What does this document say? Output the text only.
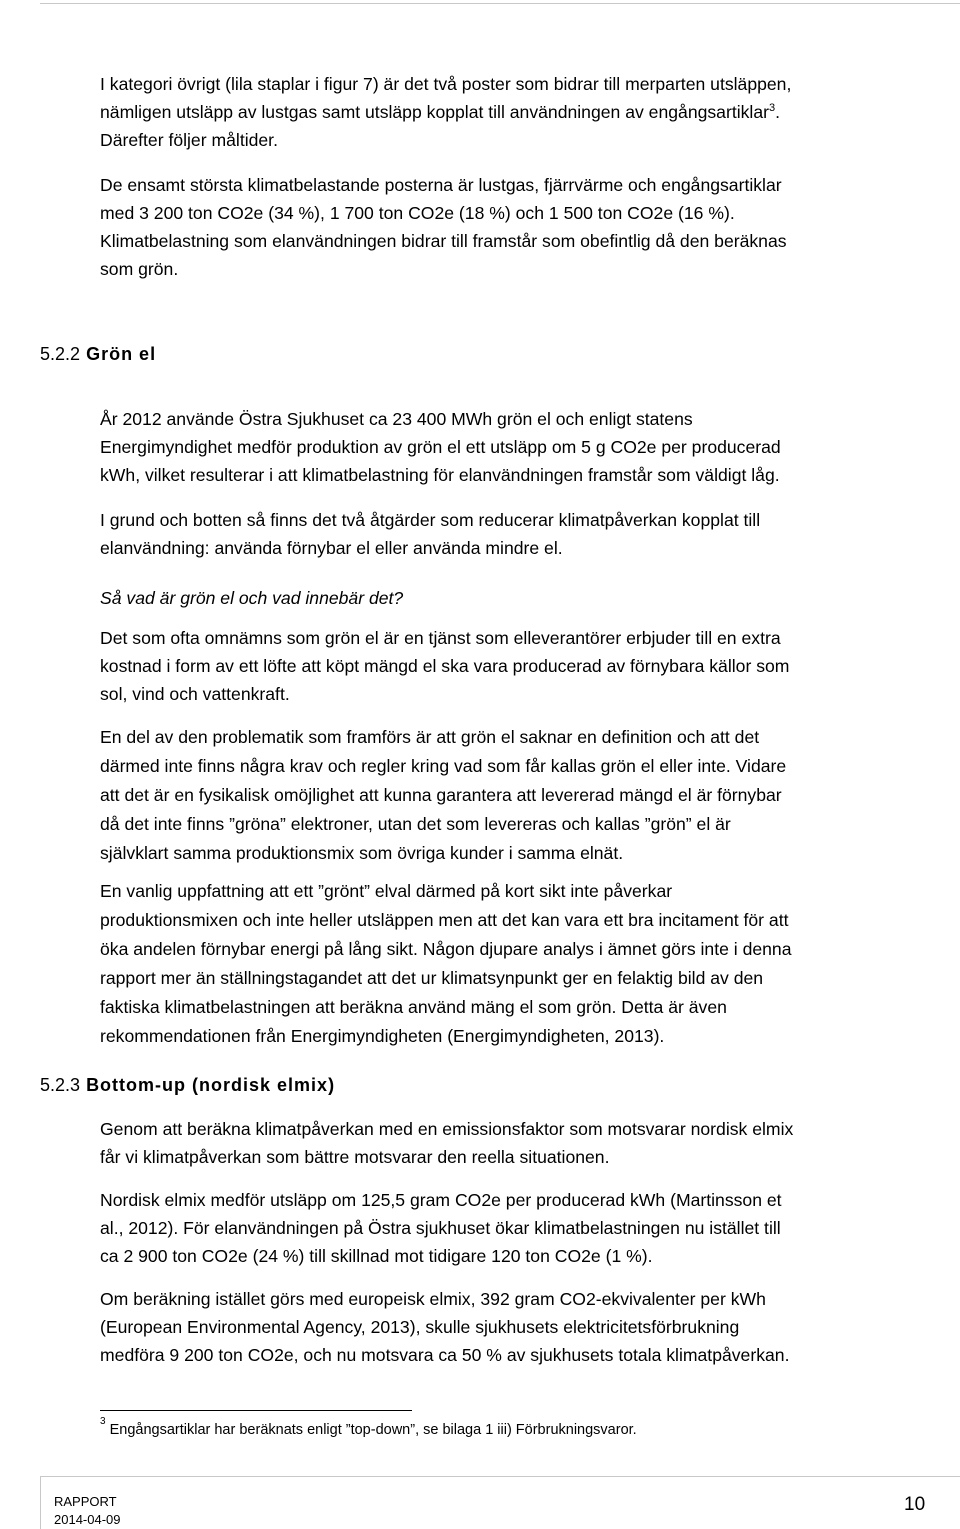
I kategori övrigt (lila staplar i figur 7) är det två poster som bidrar till merparten utsläppen,
nämligen utsläpp av lustgas samt utsläpp kopplat till användningen av engångsartiklar$^3$.
Därefter följer måltider.

De ensamt största klimatbelastande posterna är lustgas, fjärrvärme och engångsartiklar
med 3 200 ton CO2e (34 %), 1 700 ton CO2e (18 %) och 1 500 ton CO2e (16 %).
Klimatbelastning som elanvändningen bidrar till framstår som obefintlig då den beräknas
som grön.

5.2.2 Grön el

År 2012 använde Östra Sjukhuset ca 23 400 MWh grön el och enligt statens
Energimyndighet medför produktion av grön el ett utsläpp om 5 g CO2e per producerad
kWh, vilket resulterar i att klimatbelastning för elanvändningen framstår som väldigt låg.

I grund och botten så finns det två åtgärder som reducerar klimatpåverkan kopplat till
elanvändning: använda förnybar el eller använda mindre el.

Så vad är grön el och vad innebär det?

Det som ofta omnämns som grön el är en tjänst som elleverantörer erbjuder till en extra
kostnad i form av ett löfte att köpt mängd el ska vara producerad av förnybara källor som
sol, vind och vattenkraft.

En del av den problematik som framförs är att grön el saknar en definition och att det
därmed inte finns några krav och regler kring vad som får kallas grön el eller inte. Vidare
att det är en fysikalisk omöjlighet att kunna garantera att levererad mängd el är förnybar
då det inte finns ”gröna” elektroner, utan det som levereras och kallas ”grön” el är
självklart samma produktionsmix som övriga kunder i samma elnät.

En vanlig uppfattning att ett ”grönt” elval därmed på kort sikt inte påverkar
produktionsmixen och inte heller utsläppen men att det kan vara ett bra incitament för att
öka andelen förnybar energi på lång sikt. Någon djupare analys i ämnet görs inte i denna
rapport mer än ställningstagandet att det ur klimatsynpunkt ger en felaktig bild av den
faktiska klimatbelastningen att beräkna använd mäng el som grön. Detta är även
rekommendationen från Energimyndigheten (Energimyndigheten, 2013).

5.2.3 Bottom-up (nordisk elmix)

Genom att beräkna klimatpåverkan med en emissionsfaktor som motsvarar nordisk elmix
får vi klimatpåverkan som bättre motsvarar den reella situationen.

Nordisk elmix medför utsläpp om 125,5 gram CO2e per producerad kWh (Martinsson et
al., 2012). För elanvändningen på Östra sjukhuset ökar klimatbelastningen nu istället till
ca 2 900 ton CO2e (24 %) till skillnad mot tidigare 120 ton CO2e (1 %).

Om beräkning istället görs med europeisk elmix, 392 gram CO2-ekvivalenter per kWh
(European Environmental Agency, 2013), skulle sjukhusets elektricitetsförbrukning
medföra 9 200 ton CO2e, och nu motsvara ca 50 % av sjukhusets totala klimatpåverkan.

$^3$ Engångsartiklar har beräknats enligt ”top-down”, se bilaga 1 iii) Förbrukningsvaror.
RAPPORT
2014-04-09
10
